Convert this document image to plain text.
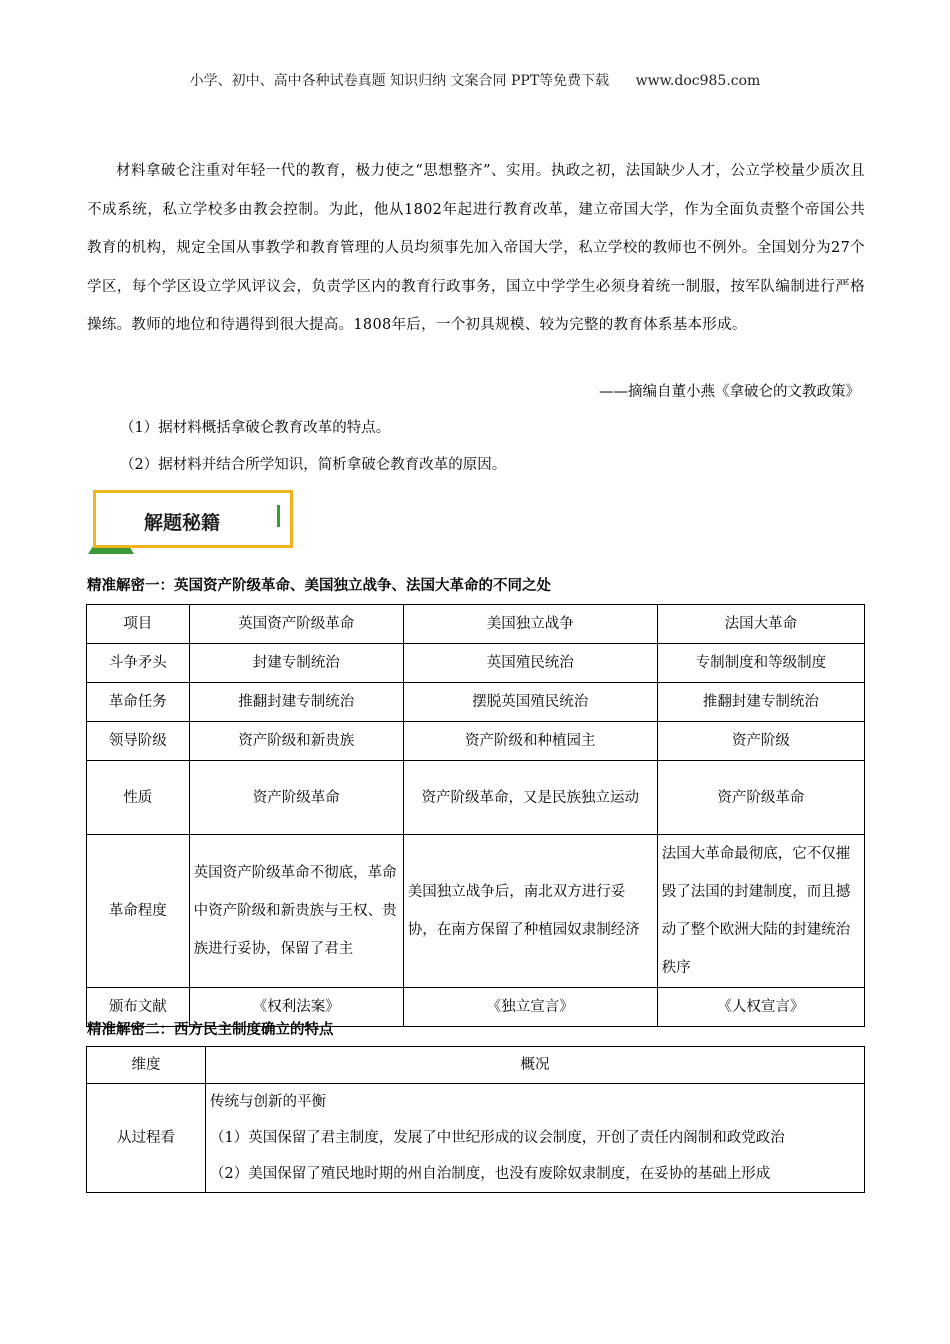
小学、初中、高中各种试卷真题 知识归纳 文案合同 PPT等免费下载 www.doc985.com
材料拿破仑注重对年轻一代的教育，极力使之“思想整齐”、实用。执政之初，法国缺少人才，公立学校量少质次且不成系统，私立学校多由教会控制。为此，他从1802年起进行教育改革，建立帝国大学，作为全面负责整个帝国公共教育的机构，规定全国从事教学和教育管理的人员均须事先加入帝国大学，私立学校的教师也不例外。全国划分为27个学区，每个学区设立学风评议会，负责学区内的教育行政事务，国立中学学生必须身着统一制服，按军队编制进行严格操练。教师的地位和待遇得到很大提高。1808年后，一个初具规模、较为完整的教育体系基本形成。
——摘编自董小燕《拿破仑的文教政策》
（1）据材料概括拿破仑教育改革的特点。
（2）据材料并结合所学知识，简析拿破仑教育改革的原因。
解题秘籍
精准解密一：英国资产阶级革命、美国独立战争、法国大革命的不同之处
项目	英国资产阶级革命	美国独立战争	法国大革命
斗争矛头	封建专制统治	英国殖民统治	专制制度和等级制度
革命任务	推翻封建专制统治	摆脱英国殖民统治	推翻封建专制统治
领导阶级	资产阶级和新贵族	资产阶级和种植园主	资产阶级
性质	资产阶级革命	资产阶级革命，又是民族独立运动	资产阶级革命
革命程度	英国资产阶级革命不彻底，革命中资产阶级和新贵族与王权、贵族进行妥协，保留了君主	美国独立战争后，南北双方进行妥协，在南方保留了种植园奴隶制经济	法国大革命最彻底，它不仅摧毁了法国的封建制度，而且撼动了整个欧洲大陆的封建统治秩序
颁布文献	《权利法案》	《独立宣言》	《人权宣言》
精准解密二：西方民主制度确立的特点
维度	概况
从过程看	传统与创新的平衡
（1）英国保留了君主制度，发展了中世纪形成的议会制度，开创了责任内阁制和政党政治
（2）美国保留了殖民地时期的州自治制度，也没有废除奴隶制度，在妥协的基础上形成
